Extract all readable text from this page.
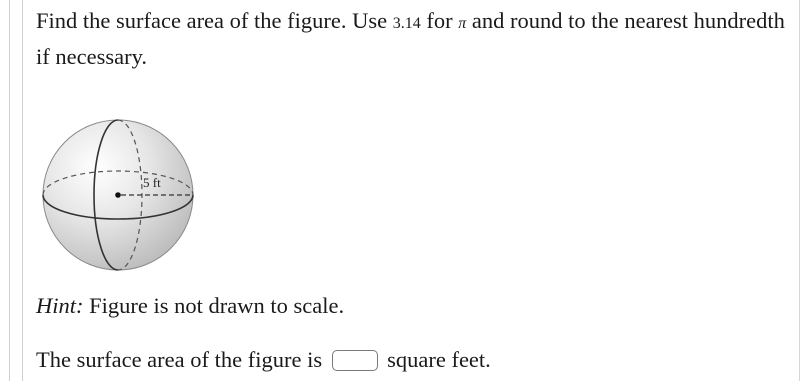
Find the surface area of the figure. Use 3.14 for π and round to the nearest hundredth if necessary.

5 ft

Hint: Figure is not drawn to scale.

The surface area of the figure is	square feet.
